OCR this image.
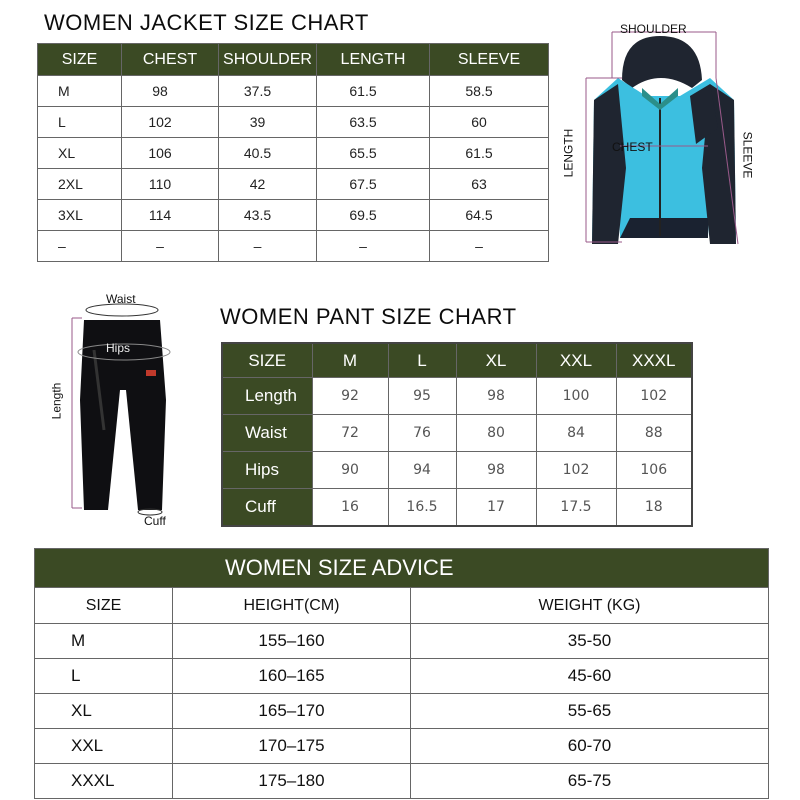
WOMEN JACKET SIZE CHART
SIZE	CHEST	SHOULDER	LENGTH	SLEEVE
M	98	37.5	61.5	58.5
L	102	39	63.5	60
XL	106	40.5	65.5	61.5
2XL	110	42	67.5	63
3XL	114	43.5	69.5	64.5
–	–	–	–	–
SHOULDER
CHEST
LENGTH	SLEEVE
Waist
Hips
Length
Cuff
WOMEN PANT SIZE CHART
SIZE	M	L	XL	XXL	XXXL
Length	92	95	98	100	102
Waist	72	76	80	84	88
Hips	90	94	98	102	106
Cuff	16	16.5	17	17.5	18
WOMEN SIZE ADVICE		
SIZE	HEIGHT(CM)	WEIGHT (KG)
M	155–160	35-50
L	160–165	45-60
XL	165–170	55-65
XXL	170–175	60-70
XXXL	175–180	65-75
